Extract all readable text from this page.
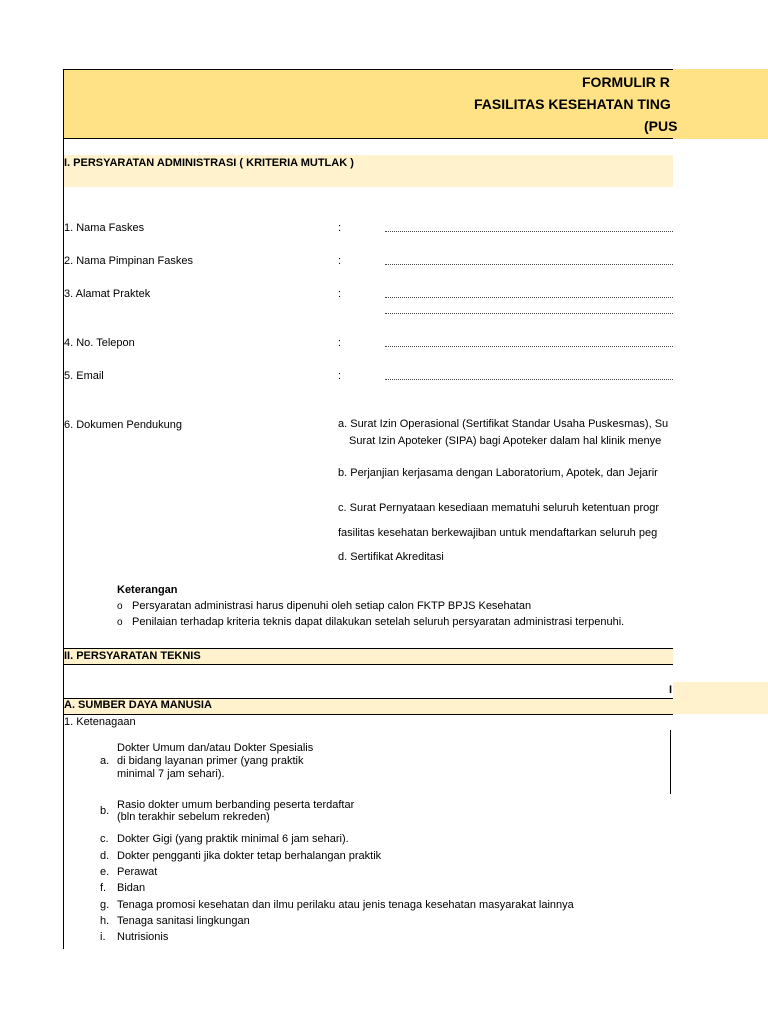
FORMULIR R
FASILITAS KESEHATAN TING
(PUS
I. PERSYARATAN ADMINISTRASI ( KRITERIA MUTLAK )
1. Nama Faskes	:
2. Nama Pimpinan Faskes	:
3. Alamat Praktek	:
4. No. Telepon	:
5. Email	:
6. Dokumen Pendukung	a. Surat Izin Operasional (Sertifikat Standar Usaha Puskesmas), Su
Surat Izin Apoteker (SIPA) bagi Apoteker dalam hal klinik menye
b. Perjanjian kerjasama dengan Laboratorium, Apotek, dan Jejarir
c. Surat Pernyataan kesediaan mematuhi seluruh ketentuan progr
fasilitas kesehatan berkewajiban untuk mendaftarkan seluruh peg
d. Sertifikat Akreditasi
Keterangan
o Persyaratan administrasi harus dipenuhi oleh setiap calon FKTP BPJS Kesehatan
o Penilaian terhadap kriteria teknis dapat dilakukan setelah seluruh persyaratan administrasi terpenuhi.
II. PERSYARATAN TEKNIS
I
A. SUMBER DAYA MANUSIA
1. Ketenagaan
a.
Dokter Umum dan/atau Dokter Spesialis
di bidang layanan primer (yang praktik
minimal 7 jam sehari).
b. Rasio dokter umum berbanding peserta terdaftar
(bln terakhir sebelum rekreden)
c. Dokter Gigi (yang praktik minimal 6 jam sehari).
d. Dokter pengganti jika dokter tetap berhalangan praktik
e. Perawat
f. Bidan
g. Tenaga promosi kesehatan dan ilmu perilaku atau jenis tenaga kesehatan masyarakat lainnya
h. Tenaga sanitasi lingkungan
i. Nutrisionis
